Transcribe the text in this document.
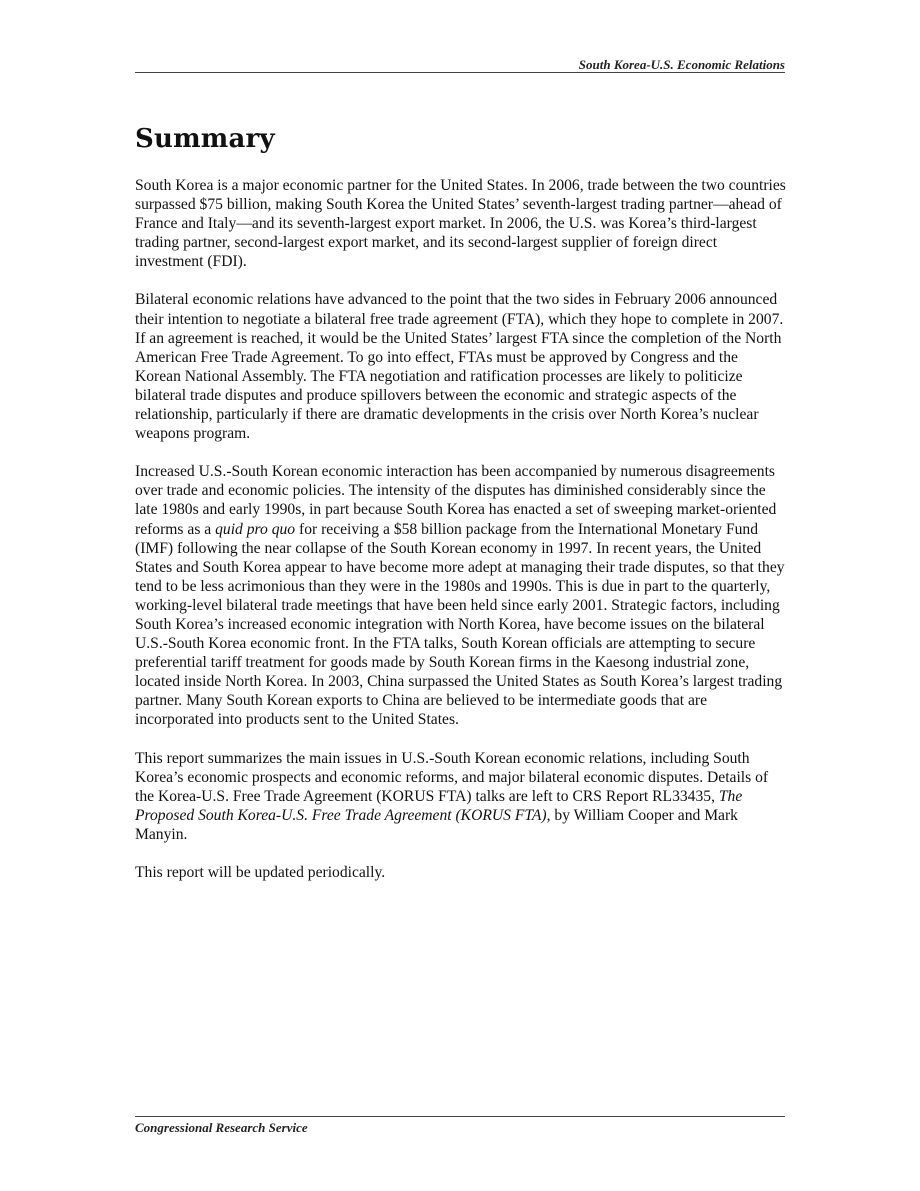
South Korea-U.S. Economic Relations
Summary

South Korea is a major economic partner for the United States. In 2006, trade between the two countries surpassed $75 billion, making South Korea the United States’ seventh-largest trading partner—ahead of France and Italy—and its seventh-largest export market. In 2006, the U.S. was Korea’s third-largest trading partner, second-largest export market, and its second-largest supplier of foreign direct investment (FDI).

Bilateral economic relations have advanced to the point that the two sides in February 2006 announced their intention to negotiate a bilateral free trade agreement (FTA), which they hope to complete in 2007. If an agreement is reached, it would be the United States’ largest FTA since the completion of the North American Free Trade Agreement. To go into effect, FTAs must be approved by Congress and the Korean National Assembly. The FTA negotiation and ratification processes are likely to politicize bilateral trade disputes and produce spillovers between the economic and strategic aspects of the relationship, particularly if there are dramatic developments in the crisis over North Korea’s nuclear weapons program.

Increased U.S.-South Korean economic interaction has been accompanied by numerous disagreements over trade and economic policies. The intensity of the disputes has diminished considerably since the late 1980s and early 1990s, in part because South Korea has enacted a set of sweeping market-oriented reforms as a quid pro quo for receiving a $58 billion package from the International Monetary Fund (IMF) following the near collapse of the South Korean economy in 1997. In recent years, the United States and South Korea appear to have become more adept at managing their trade disputes, so that they tend to be less acrimonious than they were in the 1980s and 1990s. This is due in part to the quarterly, working-level bilateral trade meetings that have been held since early 2001. Strategic factors, including South Korea’s increased economic integration with North Korea, have become issues on the bilateral U.S.-South Korea economic front. In the FTA talks, South Korean officials are attempting to secure preferential tariff treatment for goods made by South Korean firms in the Kaesong industrial zone, located inside North Korea. In 2003, China surpassed the United States as South Korea’s largest trading partner. Many South Korean exports to China are believed to be intermediate goods that are incorporated into products sent to the United States.

This report summarizes the main issues in U.S.-South Korean economic relations, including South Korea’s economic prospects and economic reforms, and major bilateral economic disputes. Details of the Korea-U.S. Free Trade Agreement (KORUS FTA) talks are left to CRS Report RL33435, The Proposed South Korea-U.S. Free Trade Agreement (KORUS FTA), by William Cooper and Mark Manyin.

This report will be updated periodically.

Congressional Research Service
